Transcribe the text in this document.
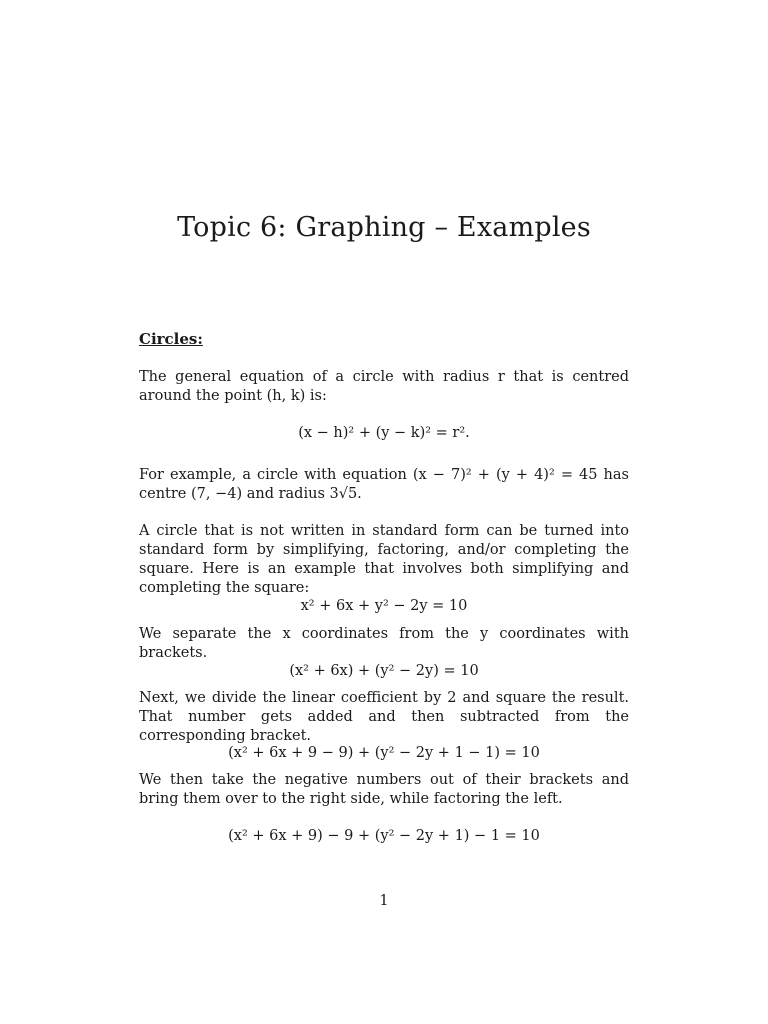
Topic 6: Graphing – Examples
Circles:

The general equation of a circle with radius r that is centred around the point (h, k) is:

(x − h)² + (y − k)² = r².

For example, a circle with equation (x − 7)² + (y + 4)² = 45 has centre (7, −4) and radius 3√5.

A circle that is not written in standard form can be turned into standard form by simplifying, factoring, and/or completing the square. Here is an example that involves both simplifying and completing the square:

x² + 6x + y² − 2y = 10

We separate the x coordinates from the y coordinates with brackets.

(x² + 6x) + (y² − 2y) = 10

Next, we divide the linear coefficient by 2 and square the result. That number gets added and then subtracted from the corresponding bracket.

(x² + 6x + 9 − 9) + (y² − 2y + 1 − 1) = 10

We then take the negative numbers out of their brackets and bring them over to the right side, while factoring the left.

(x² + 6x + 9) − 9 + (y² − 2y + 1) − 1 = 10

1
